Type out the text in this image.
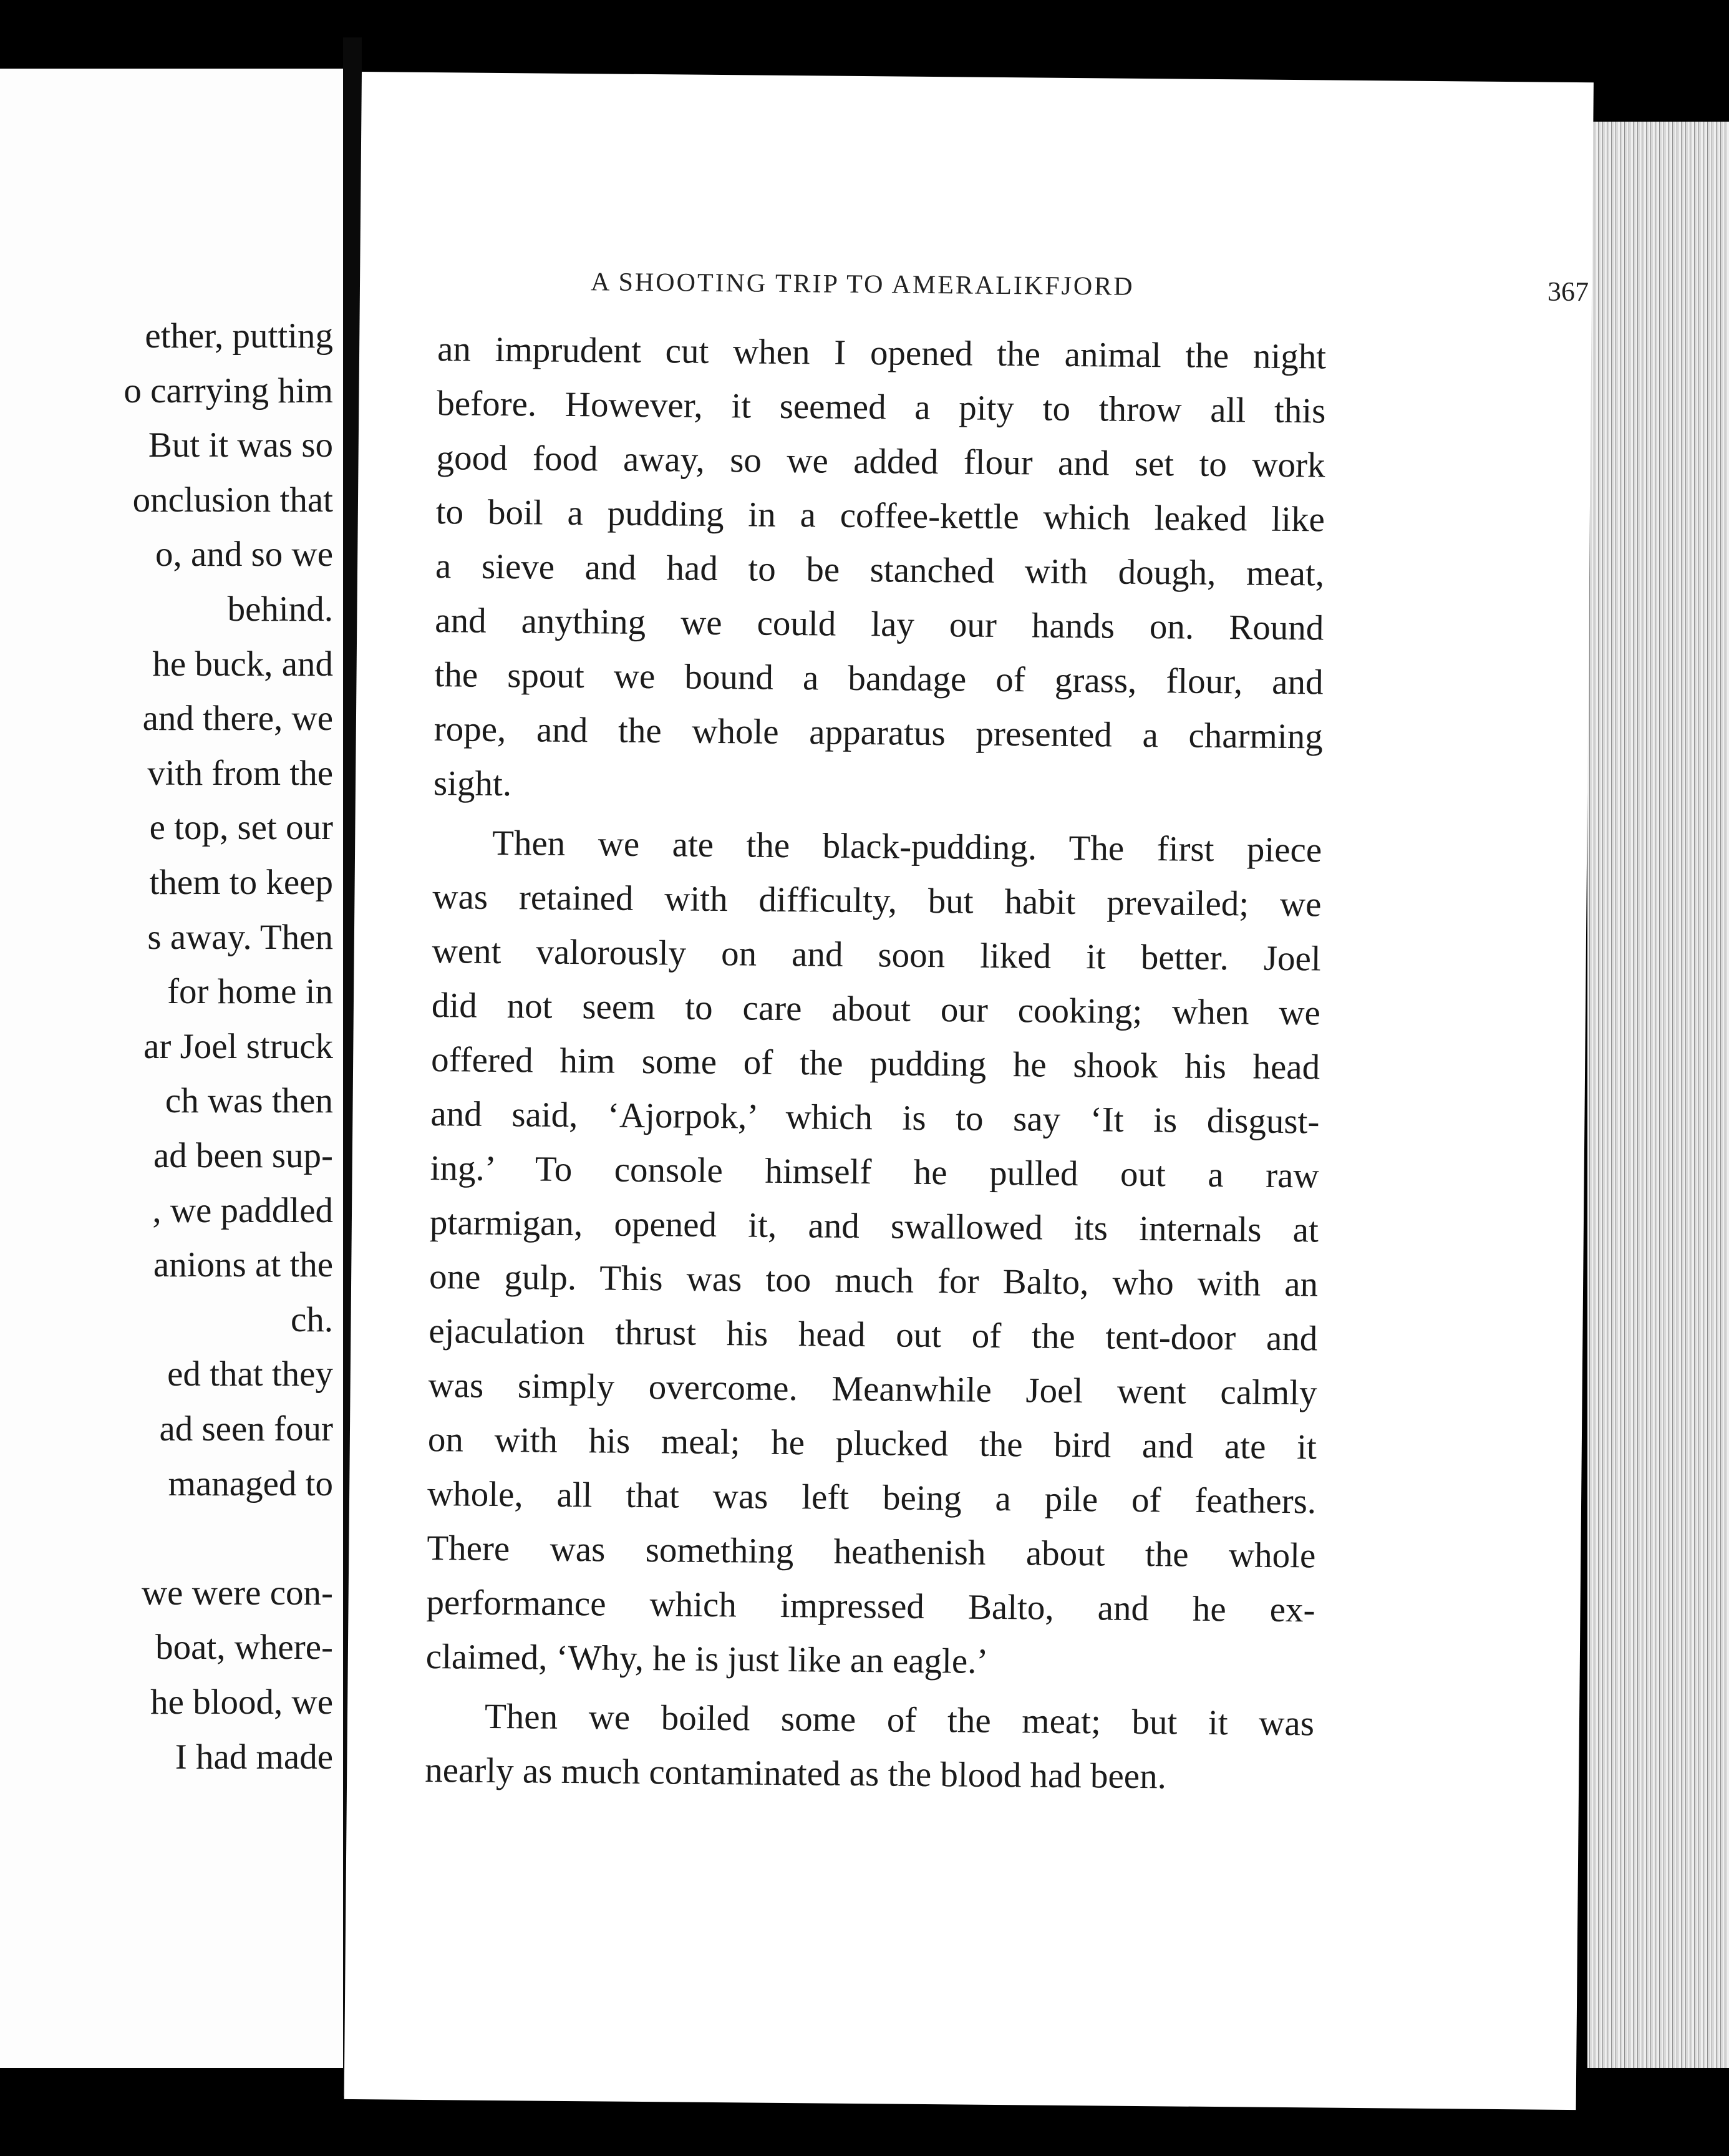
ether, putting
o carrying him
But it was so
onclusion that
o, and so we
behind.
he buck, and
and there, we
vith from the
e top, set our
them to keep
s away. Then
for home in
ar Joel struck
ch was then
ad been sup-
, we paddled
anions at the
ch.
ed that they
ad seen four
managed to
we were con-
boat, where-
he blood, we
I had made
A SHOOTING TRIP TO AMERALIKFJORD	367
an imprudent cut when I opened the animal the night
before. However, it seemed a pity to throw all this
good food away, so we added flour and set to work
to boil a pudding in a coffee-kettle which leaked like
a sieve and had to be stanched with dough, meat,
and anything we could lay our hands on. Round
the spout we bound a bandage of grass, flour, and
rope, and the whole apparatus presented a charming
sight.
Then we ate the black-pudding. The first piece
was retained with difficulty, but habit prevailed; we
went valorously on and soon liked it better. Joel
did not seem to care about our cooking; when we
offered him some of the pudding he shook his head
and said, ‘Ajorpok,’ which is to say ‘It is disgust-
ing.’ To console himself he pulled out a raw
ptarmigan, opened it, and swallowed its internals at
one gulp. This was too much for Balto, who with an
ejaculation thrust his head out of the tent-door and
was simply overcome. Meanwhile Joel went calmly
on with his meal; he plucked the bird and ate it
whole, all that was left being a pile of feathers.
There was something heathenish about the whole
performance which impressed Balto, and he ex-
claimed, ‘Why, he is just like an eagle.’
Then we boiled some of the meat; but it was
nearly as much contaminated as the blood had been.
